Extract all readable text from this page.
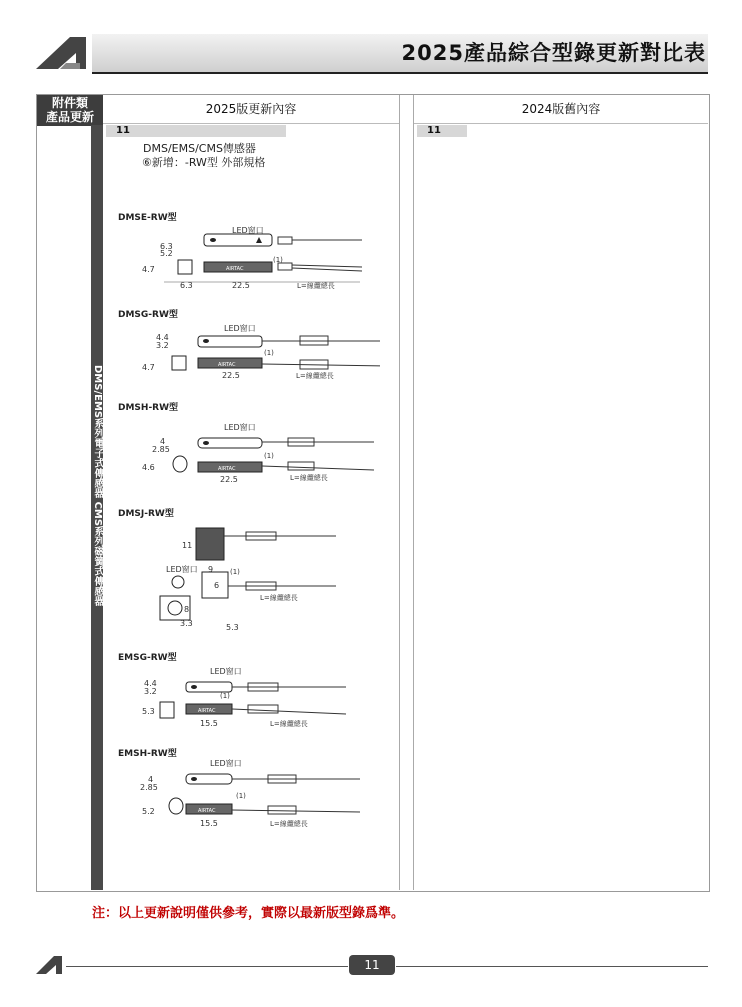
2025產品綜合型錄更新對比表
附件類
產品更新
2025版更新內容	2024版舊內容
DMS/EMS系列電子式傳感器 CMS系列磁簧式傳感器
11	11
DMS/EMS/CMS傳感器
⑥新增：-RW型 外部規格
DMSE-RW型
AIRTAC
6.3
5.2
4.7
6.3	22.5
LED窗口
(1)
L=線纜總長
DMSG-RW型
AIRTAC
4.4
3.2
4.7
22.5
LED窗口
(1)
L=線纜總長
DMSH-RW型
AIRTAC
4
2.85
4.6
22.5
LED窗口
(1)
L=線纜總長
DMSJ-RW型
11
9
6
8
3.3	5.3
LED窗口	(1)
L=線纜總長
EMSG-RW型
AIRTAC
4.4
3.2
5.3
15.5
LED窗口
(1)
L=線纜總長
EMSH-RW型
AIRTAC
4
2.85
5.2
15.5
LED窗口
(1)
L=線纜總長
注：以上更新說明僅供參考，實際以最新版型錄爲準。
11
